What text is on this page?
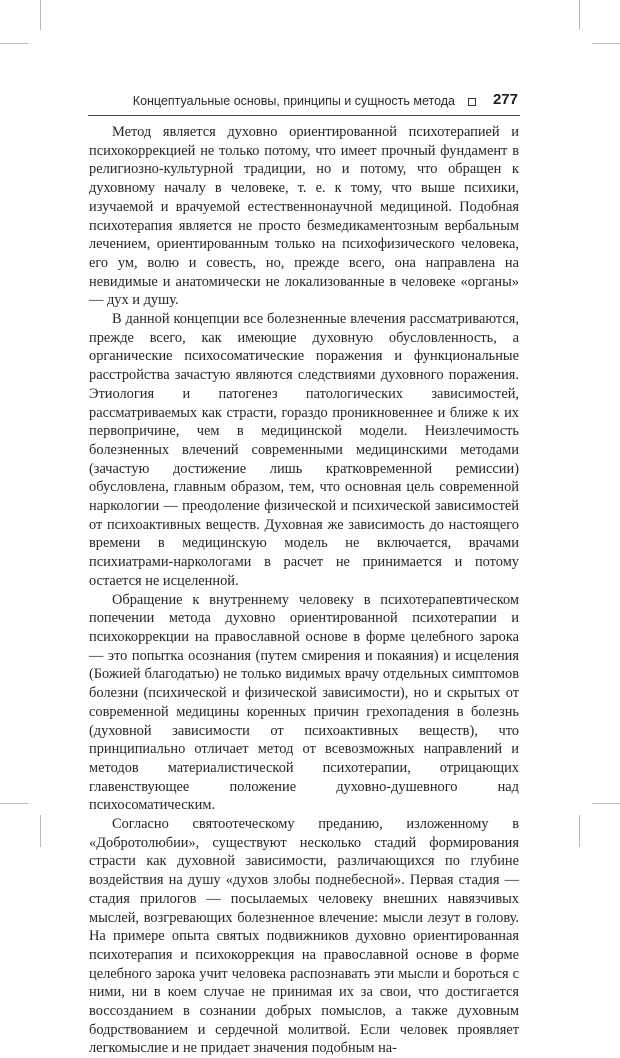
Концептуальные основы, принципы и сущность метода	277

Метод является духовно ориентированной психотерапией и психокоррекцией не только потому, что имеет прочный фундамент в религиозно-культурной традиции, но и потому, что обращен к духовному началу в человеке, т. е. к тому, что выше психики, изучаемой и врачуемой естественнонаучной медициной. Подобная психотерапия является не просто безмедикаментозным вербальным лечением, ориентированным только на психофизического человека, его ум, волю и совесть, но, прежде всего, она направлена на невидимые и анатомически не локализованные в человеке «органы» — дух и душу.

В данной концепции все болезненные влечения рассматриваются, прежде всего, как имеющие духовную обусловленность, а органические психосоматические поражения и функциональные расстройства зачастую являются следствиями духовного поражения. Этиология и патогенез патологических зависимостей, рассматриваемых как страсти, гораздо проникновеннее и ближе к их первопричине, чем в медицинской модели. Неизлечимость болезненных влечений современными медицинскими методами (зачастую достижение лишь кратковременной ремиссии) обусловлена, главным образом, тем, что основная цель современной наркологии — преодоление физической и психической зависимостей от психоактивных веществ. Духовная же зависимость до настоящего времени в медицинскую модель не включается, врачами психиатрами-наркологами в расчет не принимается и потому остается не исцеленной.

Обращение к внутреннему человеку в психотерапевтическом попечении метода духовно ориентированной психотерапии и психокоррекции на православной основе в форме целебного зарока — это попытка осознания (путем смирения и покаяния) и исцеления (Божией благодатью) не только видимых врачу отдельных симптомов болезни (психической и физической зависимости), но и скрытых от современной медицины коренных причин грехопадения в болезнь (духовной зависимости от психоактивных веществ), что принципиально отличает метод от всевозможных направлений и методов материалистической психотерапии, отрицающих главенствующее положение духовно-душевного над психосоматическим.

Согласно святоотеческому преданию, изложенному в «Добротолюбии», существуют несколько стадий формирования страсти как духовной зависимости, различающихся по глубине воздействия на душу «духов злобы поднебесной». Первая стадия — стадия прилогов — посылаемых человеку внешних навязчивых мыслей, возгревающих болезненное влечение: мысли лезут в голову. На примере опыта святых подвижников духовно ориентированная психотерапия и психокоррекция на православной основе в форме целебного зарока учит человека распознавать эти мысли и бороться с ними, ни в коем случае не принимая их за свои, что достигается воссозданием в сознании добрых помыслов, а также духовным бодрствованием и сердечной молитвой. Если человек проявляет легкомыслие и не придает значения подобным на-
